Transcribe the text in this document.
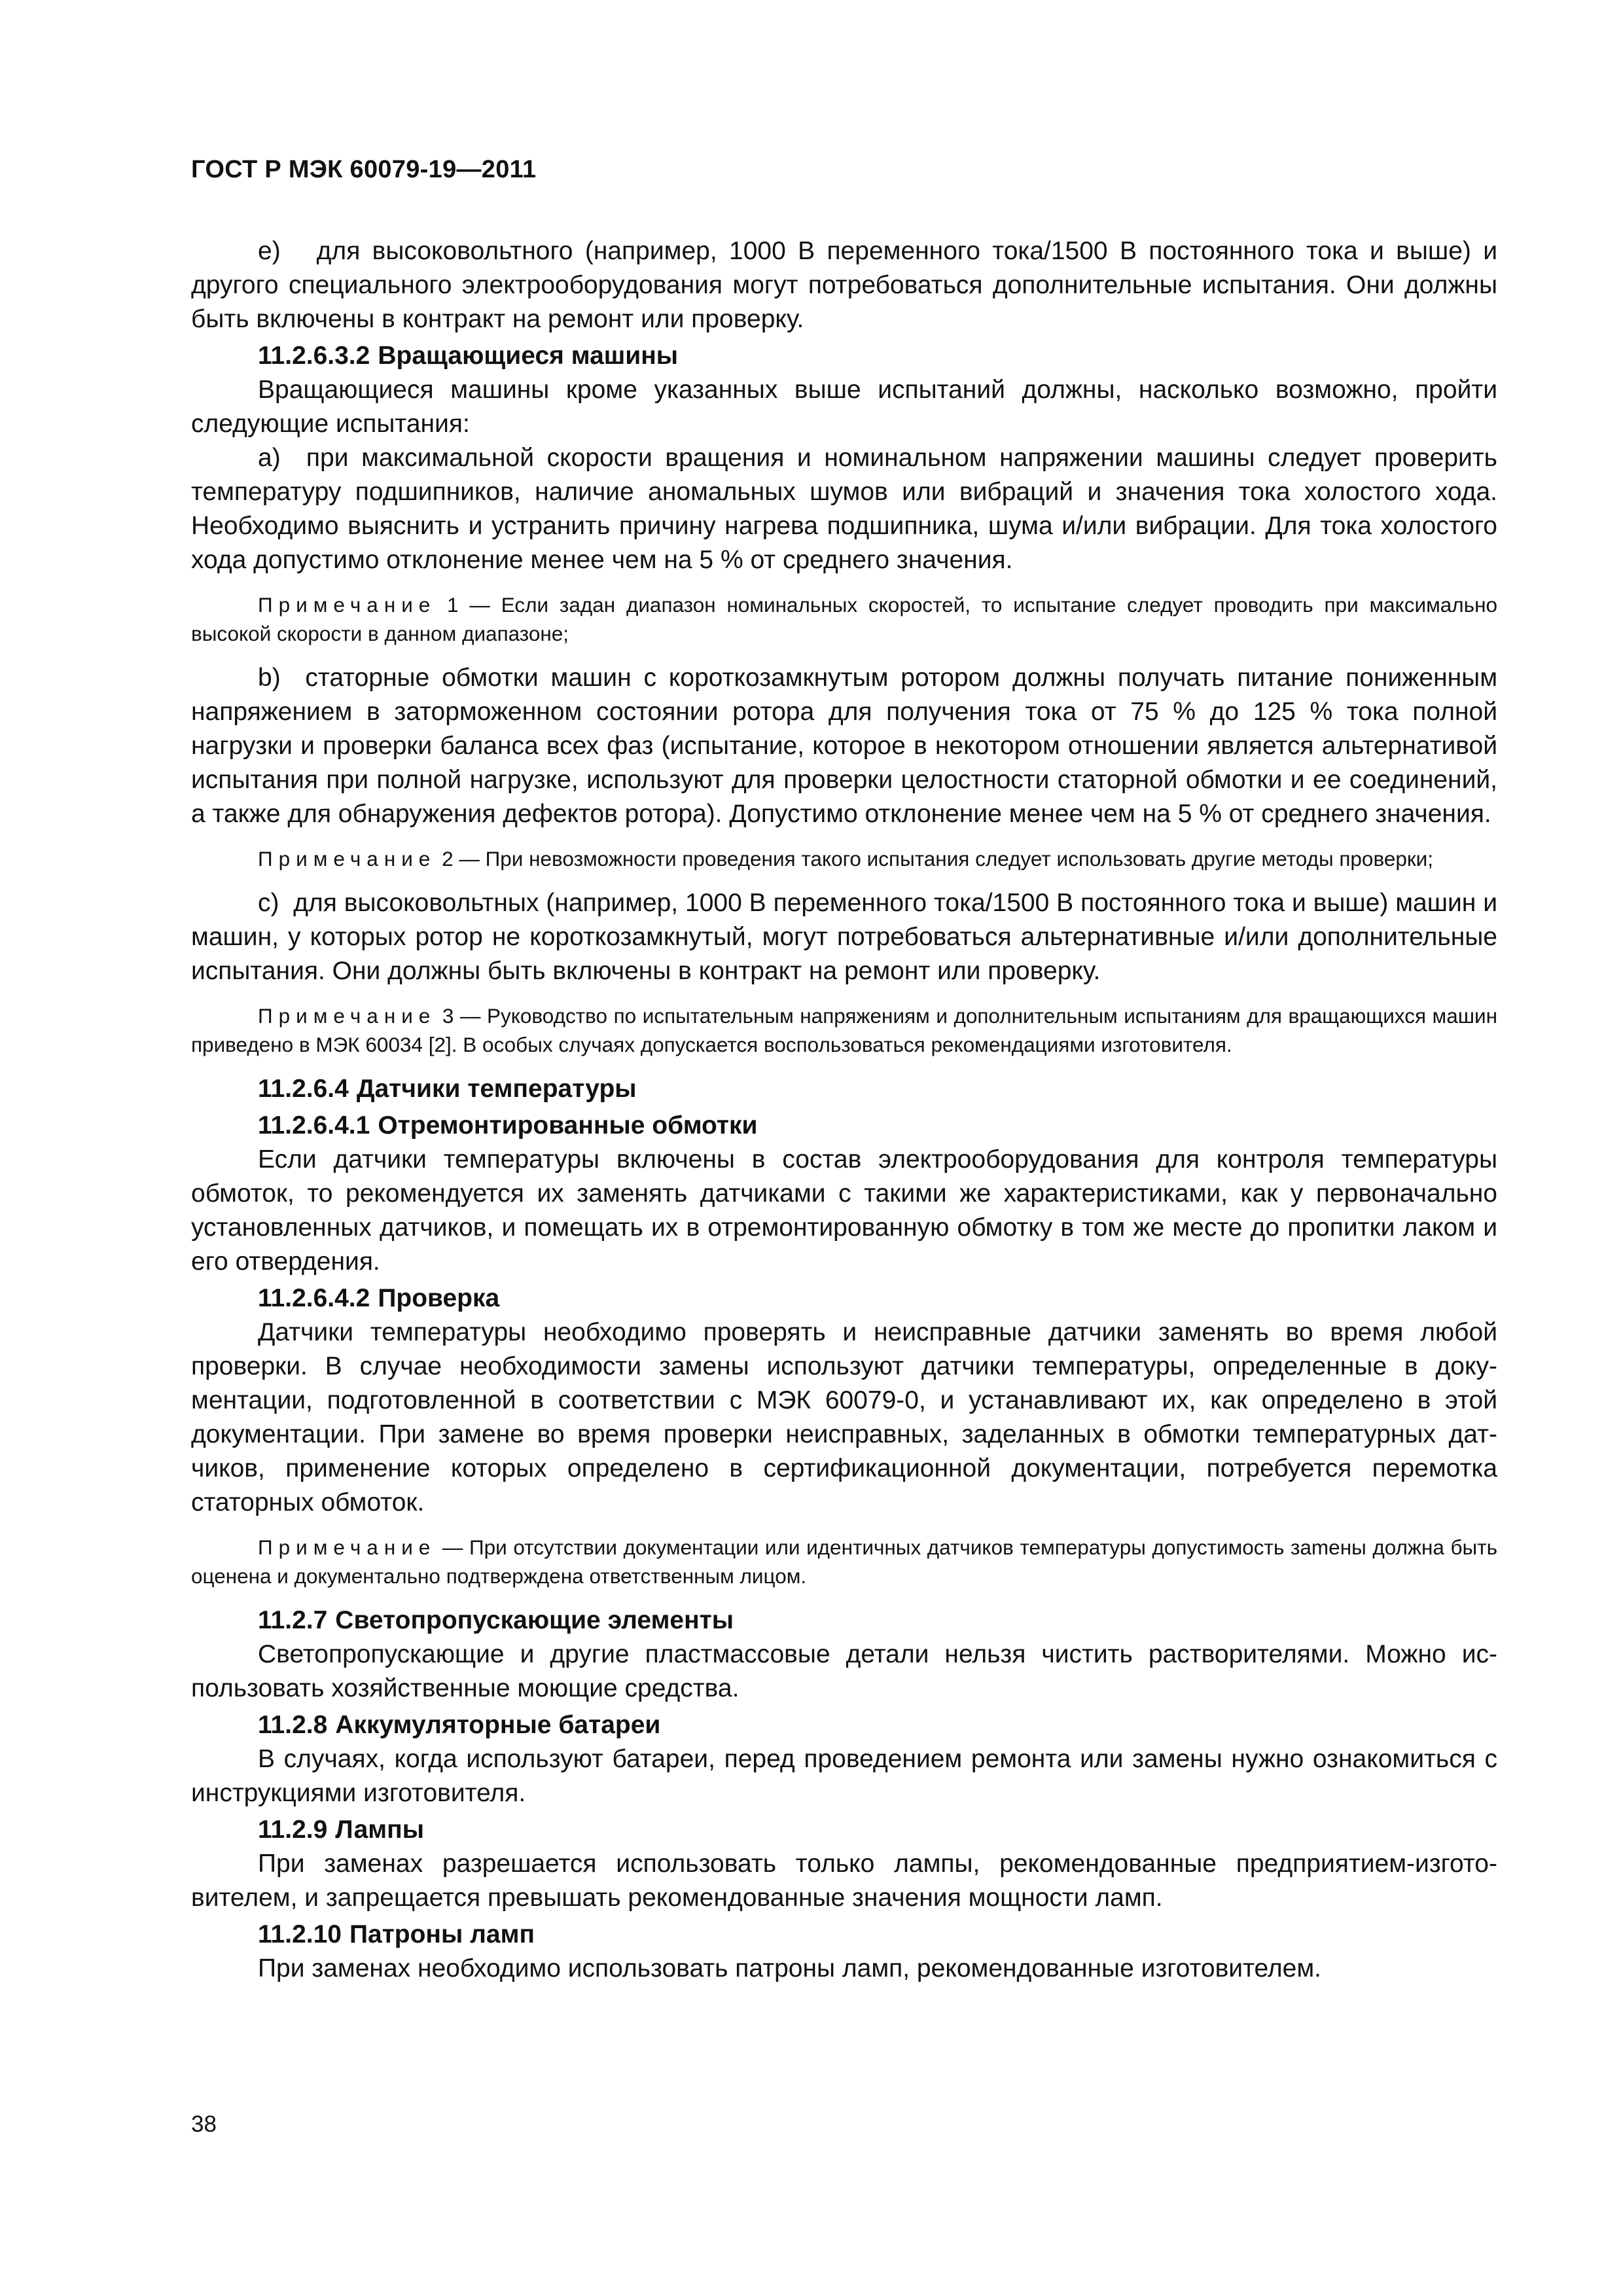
ГОСТ Р МЭК 60079-19—2011

e)   для высоковольтного (например, 1000 В переменного тока/1500 В постоянного тока и выше) и другого специального электрооборудования могут потребоваться дополнительные испытания. Они должны быть включены в контракт на ремонт или проверку.

11.2.6.3.2 Вращающиеся машины

Вращающиеся машины кроме указанных выше испытаний должны, насколько возможно, пройти следующие испытания:

а)  при максимальной скорости вращения и номинальном напряжении машины следует проверить температуру подшипников, наличие аномальных шумов или вибраций и значения тока холостого хода. Необходимо выяснить и устранить причину нагрева подшипника, шума и/или вибрации. Для тока холостого хода допустимо отклонение менее чем на 5 % от среднего значения.

Примечание 1 — Если задан диапазон номинальных скоростей, то испытание следует проводить при максимально высокой скорости в данном диапазоне;

b)  статорные обмотки машин с короткозамкнутым ротором должны получать питание пониженным напряжением в заторможенном состоянии ротора для получения тока от 75 % до 125 % тока полной нагрузки и проверки баланса всех фаз (испытание, которое в некотором отношении является альтернативой испытания при полной нагрузке, используют для проверки целостности статорной обмотки и ее соединений, а также для обнаружения дефектов ротора). Допустимо отклонение менее чем на 5 % от среднего значения.

Примечание 2 — При невозможности проведения такого испытания следует использовать другие методы проверки;

с)  для высоковольтных (например, 1000 В переменного тока/1500 В постоянного тока и выше) машин и машин, у которых ротор не короткозамкнутый, могут потребоваться альтернативные и/или дополнительные испытания. Они должны быть включены в контракт на ремонт или проверку.

Примечание 3 — Руководство по испытательным напряжениям и дополнительным испытаниям для вращающихся машин приведено в МЭК 60034 [2]. В особых случаях допускается воспользоваться рекомендациями изготовителя.

11.2.6.4 Датчики температуры
11.2.6.4.1 Отремонтированные обмотки

Если датчики температуры включены в состав электрооборудования для контроля температуры обмоток, то рекомендуется их заменять датчиками с такими же характеристиками, как у первоначально установленных датчиков, и помещать их в отремонтированную обмотку в том же месте до пропитки лаком и его отвердения.

11.2.6.4.2 Проверка

Датчики температуры необходимо проверять и неисправные датчики заменять во время любой проверки. В случае необходимости замены используют датчики температуры, определенные в документации, подготовленной в соответствии с МЭК 60079-0, и устанавливают их, как определено в этой документации. При замене во время проверки неисправных, заделанных в обмотки температурных датчиков, применение которых определено в сертификационной документации, потребуется перемотка статорных обмоток.

Примечание — При отсутствии документации или идентичных датчиков температуры допустимость заmены должна быть оценена и документально подтверждена ответственным лицом.

11.2.7 Светопропускающие элементы

Светопропускающие и другие пластмассовые детали нельзя чистить растворителями. Можно использовать хозяйственные моющие средства.

11.2.8 Аккумуляторные батареи

В случаях, когда используют батареи, перед проведением ремонта или замены нужно ознакомиться с инструкциями изготовителя.

11.2.9 Лампы

При заменах разрешается использовать только лампы, рекомендованные предприятием-изготовителем, и запрещается превышать рекомендованные значения мощности ламп.

11.2.10 Патроны ламп

При заменах необходимо использовать патроны ламп, рекомендованные изготовителем.

38
